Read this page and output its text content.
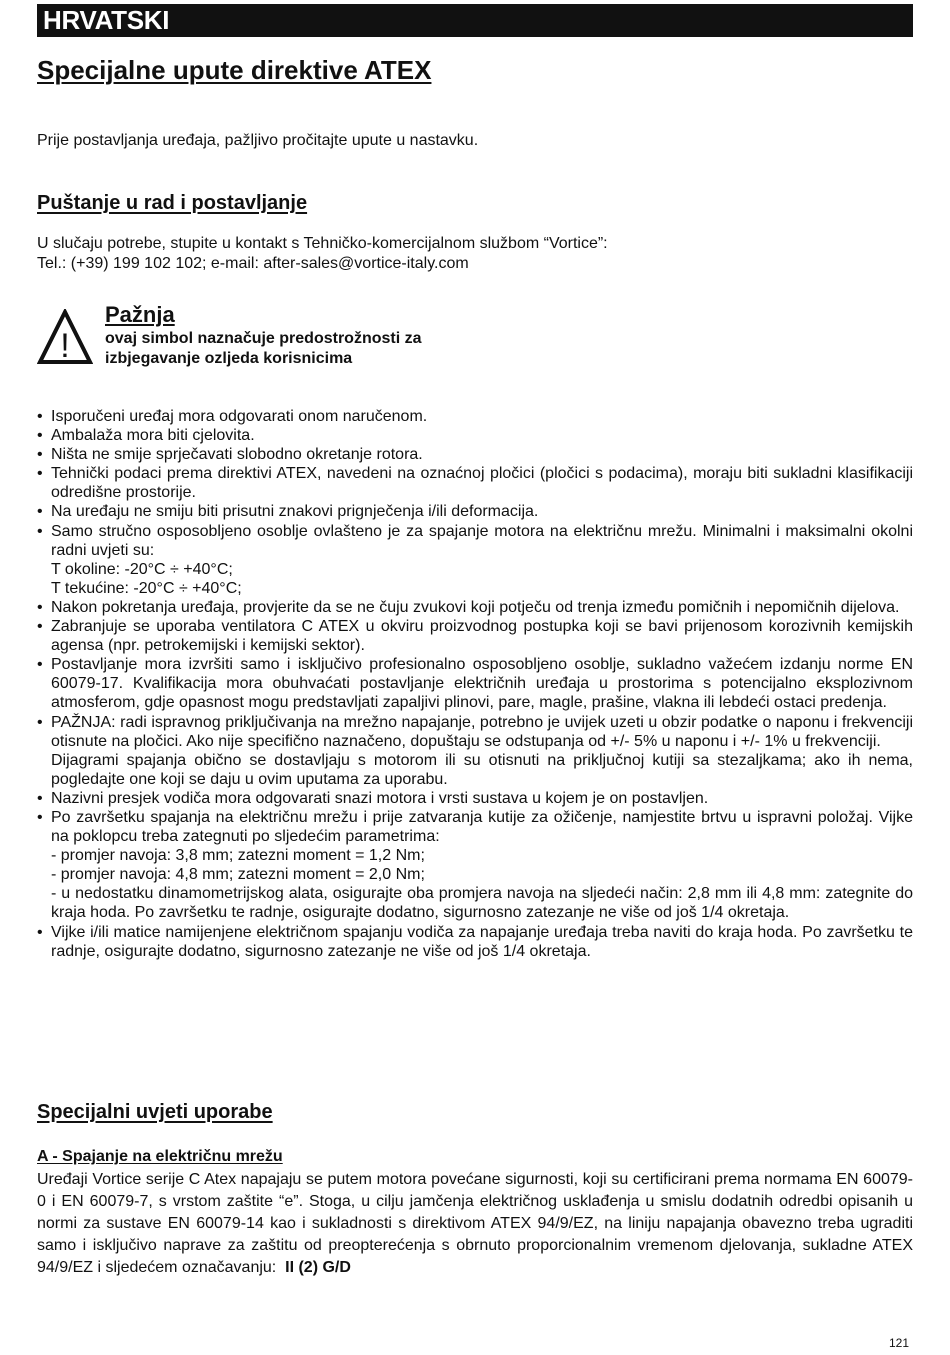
HRVATSKI
Specijalne upute direktive ATEX
Prije postavljanja uređaja, pažljivo pročitajte upute u nastavku.
Puštanje u rad i postavljanje
U slučaju potrebe, stupite u kontakt s Tehničko-komercijalnom službom “Vortice”:
Tel.: (+39) 199 102 102; e-mail: after-sales@vortice-italy.com
!
Pažnja
ovaj simbol naznačuje predostrožnosti za izbjegavanje ozljeda korisnicima
• Isporučeni uređaj mora odgovarati onom naručenom.
• Ambalaža mora biti cjelovita.
• Ništa ne smije sprječavati slobodno okretanje rotora.
• Tehnički podaci prema direktivi ATEX, navedeni na oznaćnoj pločici (pločici s podacima), moraju biti sukladni klasifikaciji odredišne prostorije.
• Na uređaju ne smiju biti prisutni znakovi prignječenja i/ili deformacija.
• Samo stručno osposobljeno osoblje ovlašteno je za spajanje motora na električnu mrežu. Minimalni i maksimalni okolni radni uvjeti su:
T okoline: -20°C ÷ +40°C;
T tekućine: -20°C ÷ +40°C;
• Nakon pokretanja uređaja, provjerite da se ne čuju zvukovi koji potječu od trenja između pomičnih i nepomičnih dijelova.
• Zabranjuje se uporaba ventilatora C ATEX u okviru proizvodnog postupka koji se bavi prijenosom korozivnih kemijskih agensa (npr. petrokemijski i kemijski sektor).
• Postavljanje mora izvršiti samo i isključivo profesionalno osposobljeno osoblje, sukladno važećem izdanju norme EN 60079-17. Kvalifikacija mora obuhvaćati postavljanje električnih uređaja u prostorima s potencijalno eksplozivnom atmosferom, gdje opasnost mogu predstavljati zapaljivi plinovi, pare, magle, prašine, vlakna ili lebdeći ostaci predenja.
• PAŽNJA: radi ispravnog priključivanja na mrežno napajanje, potrebno je uvijek uzeti u obzir podatke o naponu i frekvenciji otisnute na pločici. Ako nije specifično naznačeno, dopuštaju se odstupanja od +/- 5% u naponu i +/- 1% u frekvenciji.
Dijagrami spajanja obično se dostavljaju s motorom ili su otisnuti na priključnoj kutiji sa stezaljkama; ako ih nema, pogledajte one koji se daju u ovim uputama za uporabu.
• Nazivni presjek vodiča mora odgovarati snazi motora i vrsti sustava u kojem je on postavljen.
• Po završetku spajanja na električnu mrežu i prije zatvaranja kutije za ožičenje, namjestite brtvu u ispravni položaj. Vijke na poklopcu treba zategnuti po sljedećim parametrima:
- promjer navoja: 3,8 mm; zatezni moment = 1,2 Nm;
- promjer navoja: 4,8 mm; zatezni moment = 2,0 Nm;
- u nedostatku dinamometrijskog alata, osigurajte oba promjera navoja na sljedeći način: 2,8 mm ili 4,8 mm: zategnite do kraja hoda. Po završetku te radnje, osigurajte dodatno, sigurnosno zatezanje ne više od još 1/4 okretaja.
• Vijke i/ili matice namijenjene električnom spajanju vodiča za napajanje uređaja treba naviti do kraja hoda. Po završetku te radnje, osigurajte dodatno, sigurnosno zatezanje ne više od još 1/4 okretaja.
Specijalni uvjeti uporabe
A - Spajanje na električnu mrežu

Uređaji Vortice serije C Atex napajaju se putem motora povećane sigurnosti, koji su certificirani prema normama EN 60079-0 i EN 60079-7, s vrstom zaštite “e”. Stoga, u cilju jamčenja električnog usklađenja u smislu dodatnih odredbi opisanih u normi za sustave EN 60079-14 kao i sukladnosti s direktivom ATEX 94/9/EZ, na liniju napajanja obavezno treba ugraditi samo i isključivo naprave za zaštitu od preopterećenja s obrnuto proporcionalnim vremenom djelovanja, sukladne ATEX 94/9/EZ i sljedećem označavanju: II (2) G/D

121
